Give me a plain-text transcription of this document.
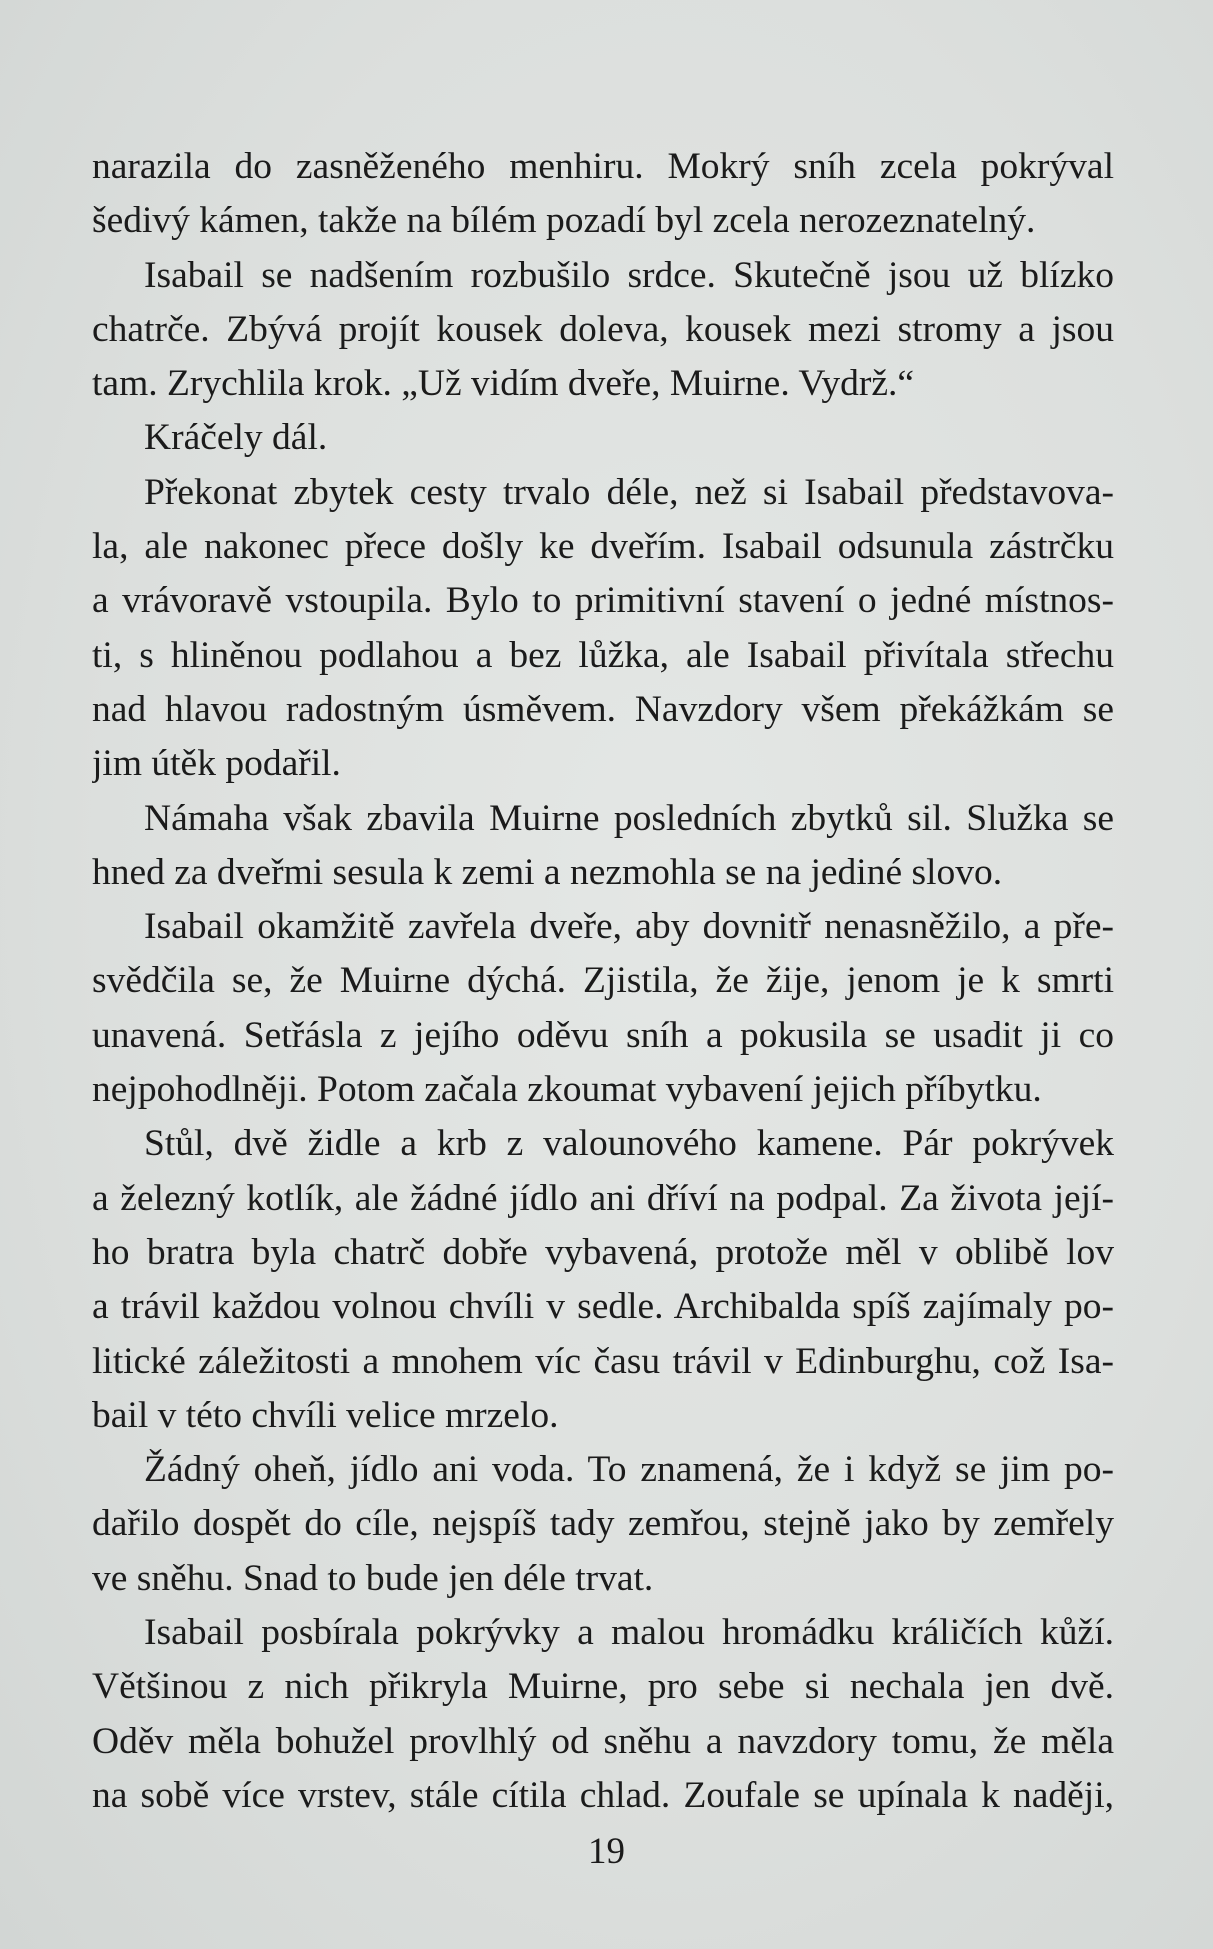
narazila do zasněženého menhiru. Mokrý sníh zcela pokrýval
šedivý kámen, takže na bílém pozadí byl zcela nerozeznatelný.
Isabail se nadšením rozbušilo srdce. Skutečně jsou už blízko
chatrče. Zbývá projít kousek doleva, kousek mezi stromy a jsou
tam. Zrychlila krok. „Už vidím dveře, Muirne. Vydrž.“
Kráčely dál.
Překonat zbytek cesty trvalo déle, než si Isabail představova-
la, ale nakonec přece došly ke dveřím. Isabail odsunula zástrčku
a vrávoravě vstoupila. Bylo to primitivní stavení o jedné místnos-
ti, s hliněnou podlahou a bez lůžka, ale Isabail přivítala střechu
nad hlavou radostným úsměvem. Navzdory všem překážkám se
jim útěk podařil.
Námaha však zbavila Muirne posledních zbytků sil. Služka se
hned za dveřmi sesula k zemi a nezmohla se na jediné slovo.
Isabail okamžitě zavřela dveře, aby dovnitř nenasněžilo, a pře-
svědčila se, že Muirne dýchá. Zjistila, že žije, jenom je k smrti
unavená. Setřásla z jejího oděvu sníh a pokusila se usadit ji co
nejpohodlněji. Potom začala zkoumat vybavení jejich příbytku.
Stůl, dvě židle a krb z valounového kamene. Pár pokrývek
a železný kotlík, ale žádné jídlo ani dříví na podpal. Za života její-
ho bratra byla chatrč dobře vybavená, protože měl v oblibě lov
a trávil každou volnou chvíli v sedle. Archibalda spíš zajímaly po-
litické záležitosti a mnohem víc času trávil v Edinburghu, což Isa-
bail v této chvíli velice mrzelo.
Žádný oheň, jídlo ani voda. To znamená, že i když se jim po-
dařilo dospět do cíle, nejspíš tady zemřou, stejně jako by zemřely
ve sněhu. Snad to bude jen déle trvat.
Isabail posbírala pokrývky a malou hromádku králičích kůží.
Většinou z nich přikryla Muirne, pro sebe si nechala jen dvě.
Oděv měla bohužel provlhlý od sněhu a navzdory tomu, že měla
na sobě více vrstev, stále cítila chlad. Zoufale se upínala k naději,
19
